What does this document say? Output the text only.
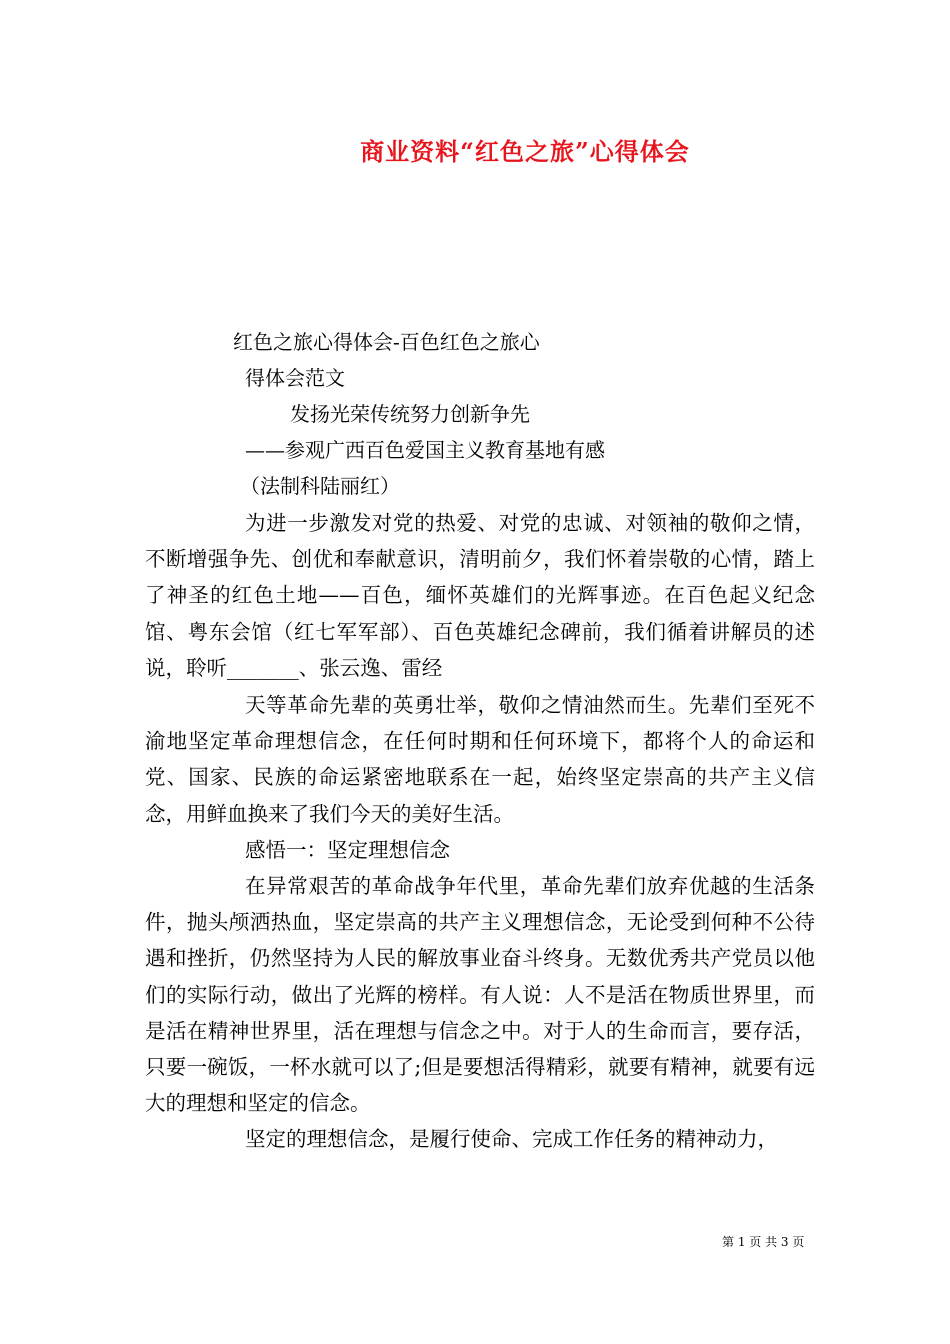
商业资料“红色之旅”心得体会
红色之旅心得体会-百色红色之旅心
得体会范文
发扬光荣传统努力创新争先
——参观广西百色爱国主义教育基地有感
（法制科陆丽红）

为进一步激发对党的热爱、对党的忠诚、对领袖的敬仰之情，不断增强争先、创优和奉献意识，清明前夕，我们怀着崇敬的心情，踏上了神圣的红色土地——百色，缅怀英雄们的光辉事迹。在百色起义纪念馆、粤东会馆（红七军军部）、百色英雄纪念碑前，我们循着讲解员的述说，聆听_______、张云逸、雷经

天等革命先辈的英勇壮举，敬仰之情油然而生。先辈们至死不渝地坚定革命理想信念，在任何时期和任何环境下，都将个人的命运和党、国家、民族的命运紧密地联系在一起，始终坚定崇高的共产主义信念，用鲜血换来了我们今天的美好生活。

感悟一：坚定理想信念

在异常艰苦的革命战争年代里，革命先辈们放弃优越的生活条件，抛头颅洒热血，坚定崇高的共产主义理想信念，无论受到何种不公待遇和挫折，仍然坚持为人民的解放事业奋斗终身。无数优秀共产党员以他们的实际行动，做出了光辉的榜样。有人说：人不是活在物质世界里，而是活在精神世界里，活在理想与信念之中。对于人的生命而言，要存活，只要一碗饭，一杯水就可以了;但是要想活得精彩，就要有精神，就要有远大的理想和坚定的信念。

坚定的理想信念，是履行使命、完成工作任务的精神动力，

第 1 页 共 3 页
